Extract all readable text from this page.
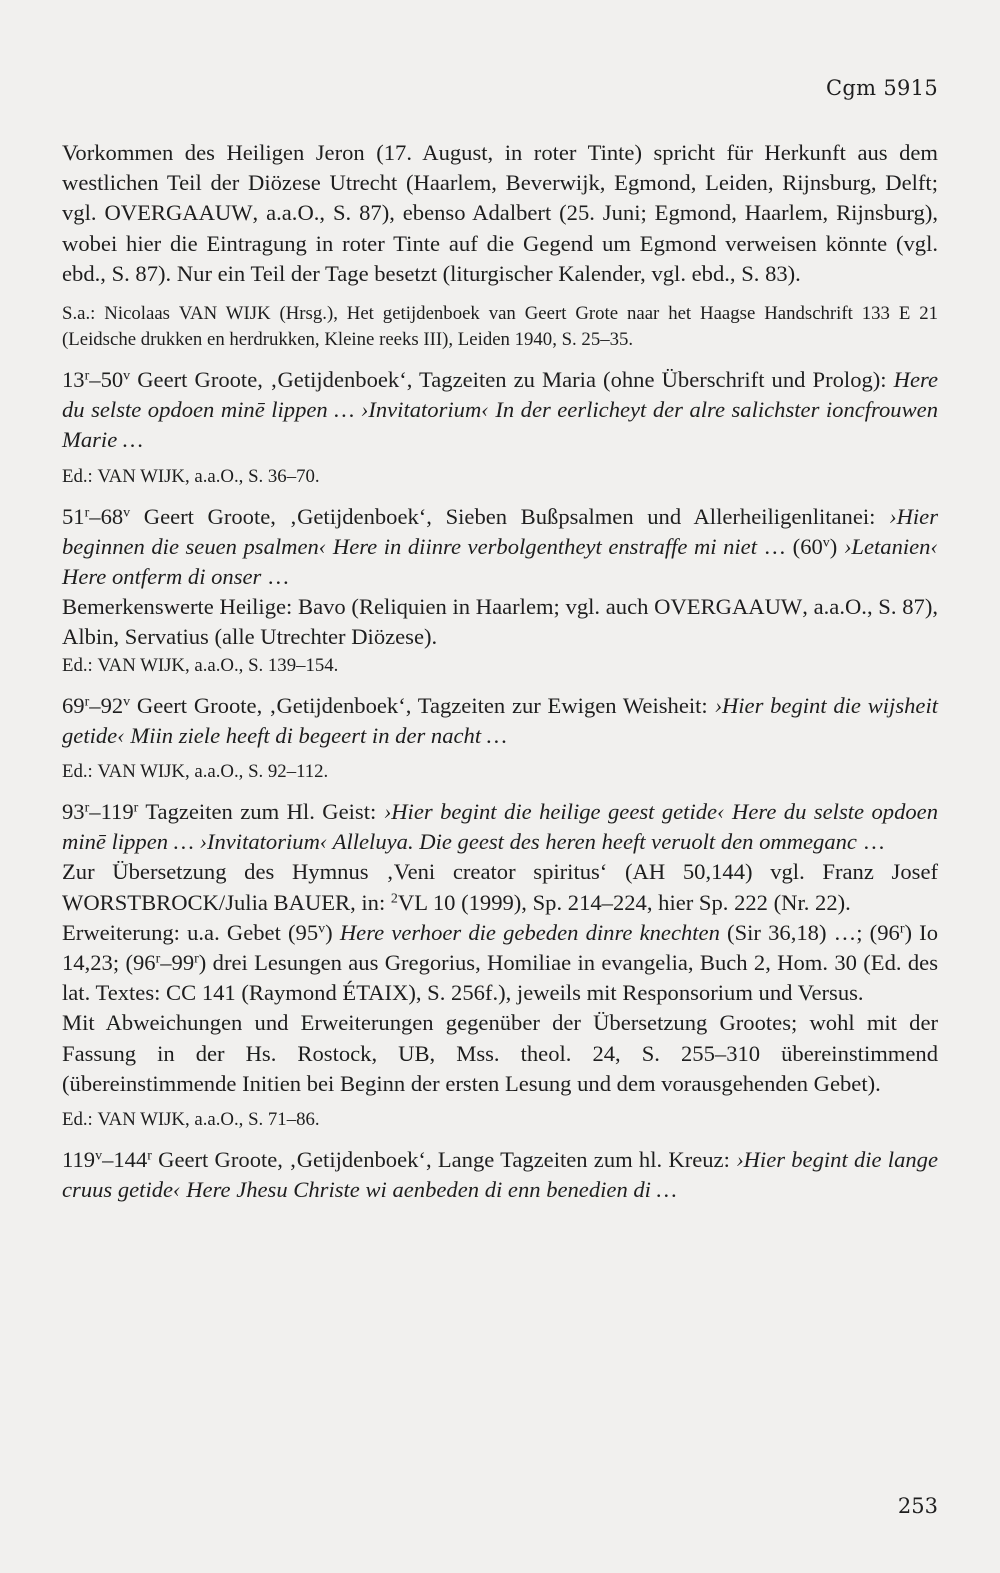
Cgm 5915

Vorkommen des Heiligen Jeron (17. August, in roter Tinte) spricht für Herkunft aus dem westlichen Teil der Diözese Utrecht (Haarlem, Beverwijk, Egmond, Leiden, Rijnsburg, Delft; vgl. OVERGAAUW, a.a.O., S. 87), ebenso Adalbert (25. Juni; Egmond, Haarlem, Rijnsburg), wobei hier die Eintragung in roter Tinte auf die Gegend um Egmond verweisen könnte (vgl. ebd., S. 87). Nur ein Teil der Tage besetzt (liturgischer Kalender, vgl. ebd., S. 83).

S.a.: Nicolaas VAN WIJK (Hrsg.), Het getijdenboek van Geert Grote naar het Haagse Handschrift 133 E 21 (Leidsche drukken en herdrukken, Kleine reeks III), Leiden 1940, S. 25–35.

13$^r$–50$^v$ Geert Groote, ‚Getijdenboek‘, Tagzeiten zu Maria (ohne Überschrift und Prolog): Here du selste opdoen minē lippen … ›Invitatorium‹ In der eerlicheyt der alre salichster ioncfrouwen Marie …

Ed.: VAN WIJK, a.a.O., S. 36–70.

51$^r$–68$^v$ Geert Groote, ‚Getijdenboek‘, Sieben Bußpsalmen und Allerheiligenlitanei: ›Hier beginnen die seuen psalmen‹ Here in diinre verbolgentheyt enstraffe mi niet … (60$^v$) ›Letanien‹ Here ontferm di onser …

Bemerkenswerte Heilige: Bavo (Reliquien in Haarlem; vgl. auch OVERGAAUW, a.a.O., S. 87), Albin, Servatius (alle Utrechter Diözese).

Ed.: VAN WIJK, a.a.O., S. 139–154.

69$^r$–92$^v$ Geert Groote, ‚Getijdenboek‘, Tagzeiten zur Ewigen Weisheit: ›Hier begint die wijsheit getide‹ Miin ziele heeft di begeert in der nacht …

Ed.: VAN WIJK, a.a.O., S. 92–112.

93$^r$–119$^r$ Tagzeiten zum Hl. Geist: ›Hier begint die heilige geest getide‹ Here du selste opdoen minē lippen … ›Invitatorium‹ Alleluya. Die geest des heren heeft veruolt den ommeganc …

Zur Übersetzung des Hymnus ‚Veni creator spiritus‘ (AH 50,144) vgl. Franz Josef WORSTBROCK/Julia BAUER, in: $^2$VL 10 (1999), Sp. 214–224, hier Sp. 222 (Nr. 22).

Erweiterung: u.a. Gebet (95$^v$) Here verhoer die gebeden dinre knechten (Sir 36,18) …; (96$^r$) Io 14,23; (96$^r$–99$^r$) drei Lesungen aus Gregorius, Homiliae in evangelia, Buch 2, Hom. 30 (Ed. des lat. Textes: CC 141 (Raymond ÉTAIX), S. 256f.), jeweils mit Responsorium und Versus.

Mit Abweichungen und Erweiterungen gegenüber der Übersetzung Grootes; wohl mit der Fassung in der Hs. Rostock, UB, Mss. theol. 24, S. 255–310 übereinstimmend (übereinstimmende Initien bei Beginn der ersten Lesung und dem vorausgehenden Gebet).

Ed.: VAN WIJK, a.a.O., S. 71–86.

119$^v$–144$^r$ Geert Groote, ‚Getijdenboek‘, Lange Tagzeiten zum hl. Kreuz: ›Hier begint die lange cruus getide‹ Here Jhesu Christe wi aenbeden di enn benedien di …

253
